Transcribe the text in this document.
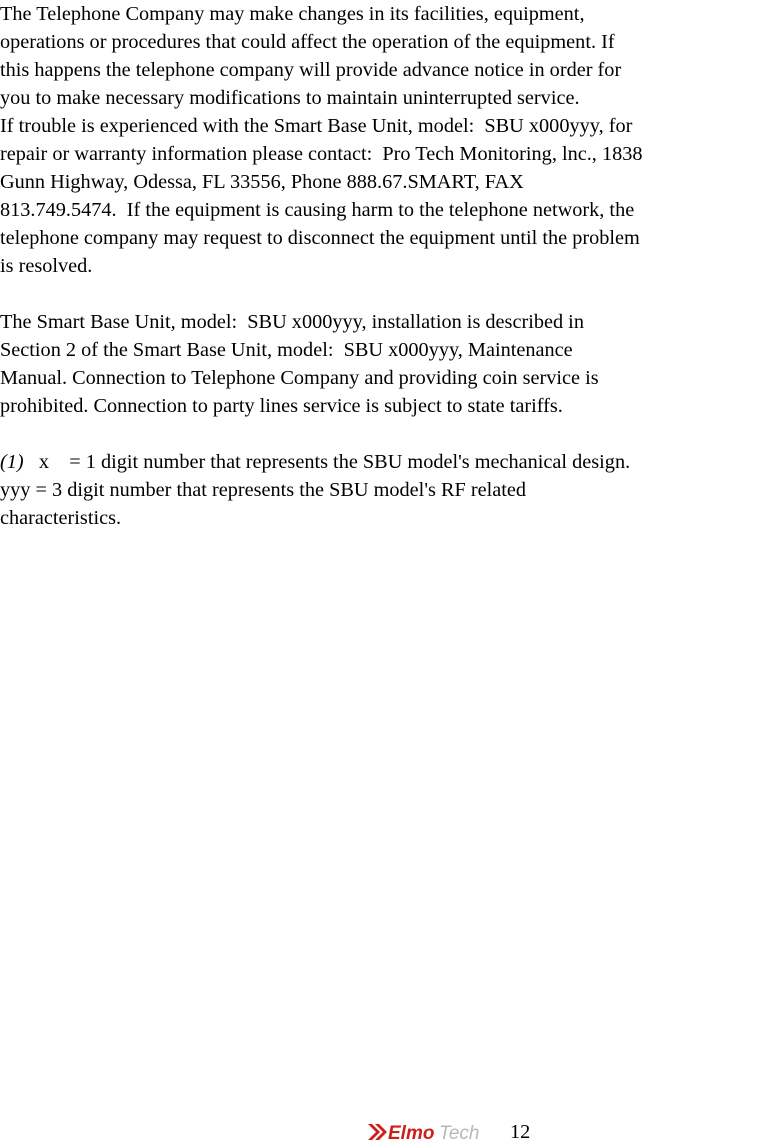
The Telephone Company may make changes in its facilities, equipment,
operations or procedures that could affect the operation of the equipment. If
this happens the telephone company will provide advance notice in order for
you to make necessary modifications to maintain uninterrupted service.
If trouble is experienced with the Smart Base Unit, model:  SBU x000yyy, for
repair or warranty information please contact:  Pro Tech Monitoring, lnc., 1838
Gunn Highway, Odessa, FL 33556, Phone 888.67.SMART, FAX
813.749.5474.  If the equipment is causing harm to the telephone network, the
telephone company may request to disconnect the equipment until the problem
is resolved.
The Smart Base Unit, model:  SBU x000yyy, installation is described in
Section 2 of the Smart Base Unit, model:  SBU x000yyy, Maintenance
Manual. Connection to Telephone Company and providing coin service is
prohibited. Connection to party lines service is subject to state tariffs.
(1)   x    = 1 digit number that represents the SBU model's mechanical design.
yyy = 3 digit number that represents the SBU model's RF related
characteristics.
Elmo Tech 12
